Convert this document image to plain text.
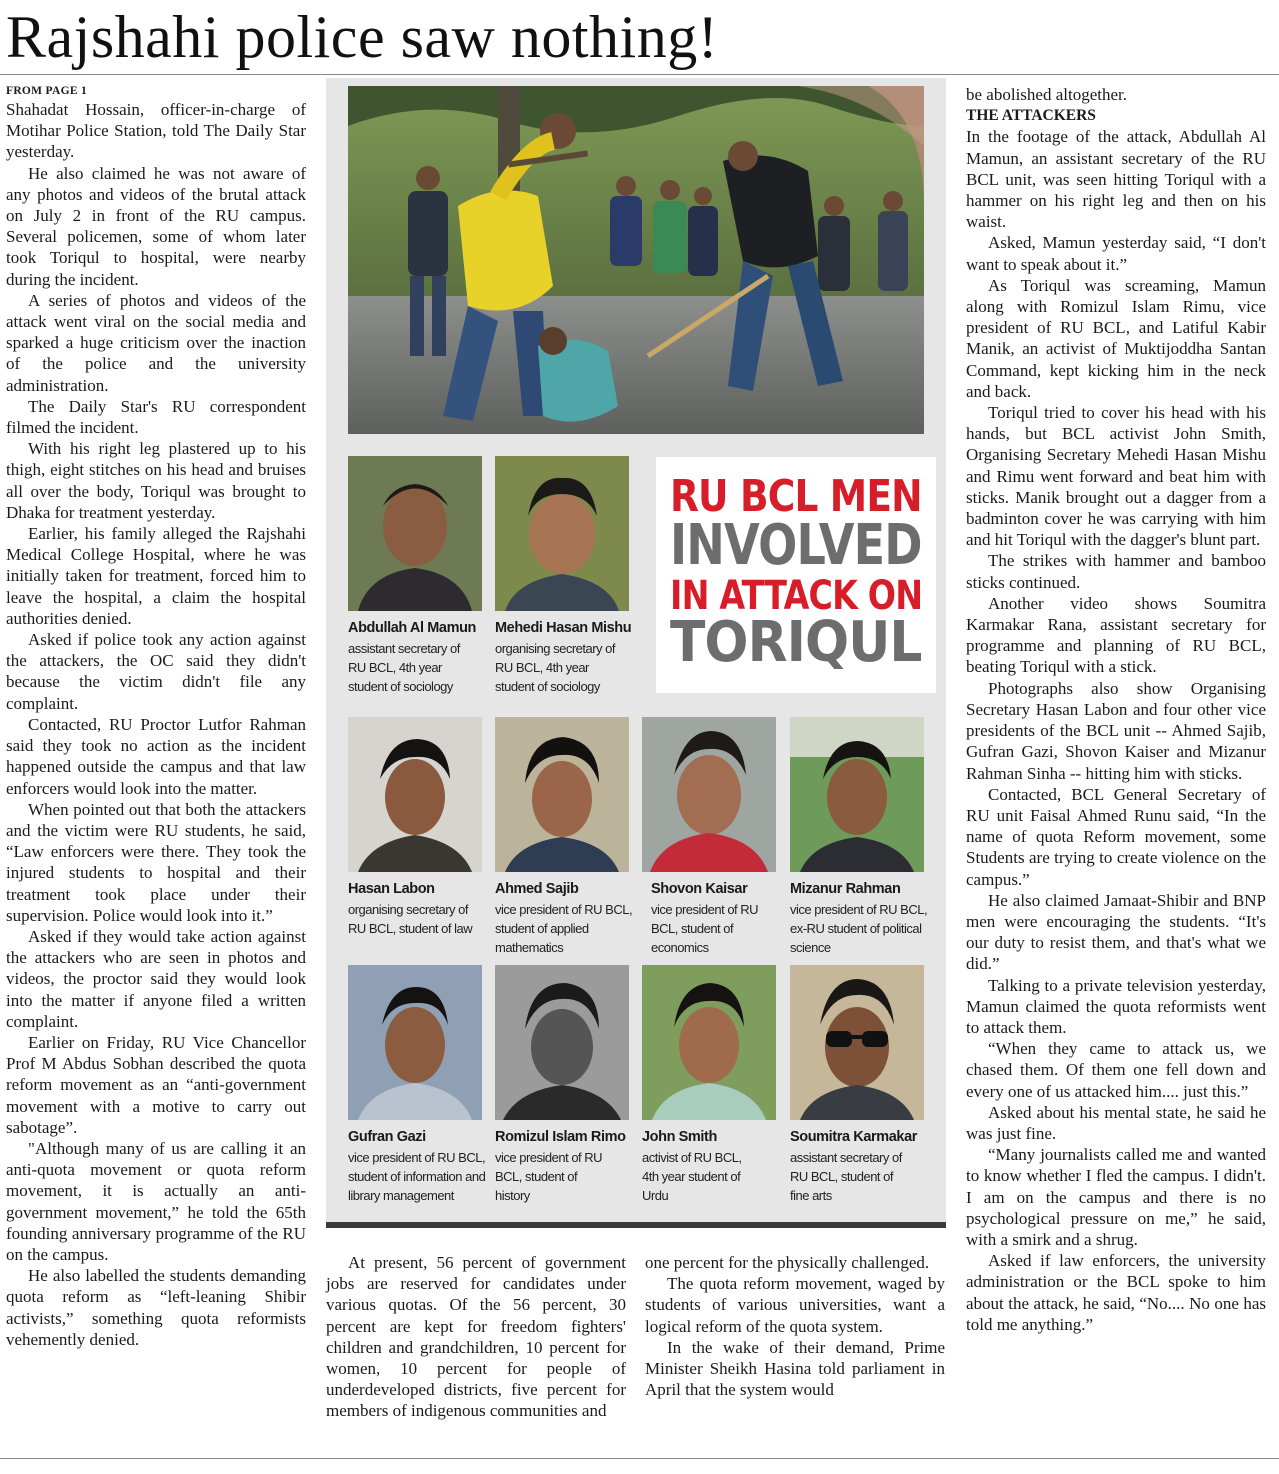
Rajshahi police saw nothing!
FROM PAGE 1

Shahadat Hossain, officer-in-charge of Motihar Police Station, told The Daily Star yesterday.

He also claimed he was not aware of any photos and videos of the brutal attack on July 2 in front of the RU campus. Several policemen, some of whom later took Toriqul to hospital, were nearby during the incident.

A series of photos and videos of the attack went viral on the social media and sparked a huge criticism over the inaction of the police and the university administration.

The Daily Star's RU correspondent filmed the incident.

With his right leg plastered up to his thigh, eight stitches on his head and bruises all over the body, Toriqul was brought to Dhaka for treatment yesterday.

Earlier, his family alleged the Rajshahi Medical College Hospital, where he was initially taken for treatment, forced him to leave the hospital, a claim the hospital authorities denied.

Asked if police took any action against the attackers, the OC said they didn't because the victim didn't file any complaint.

Contacted, RU Proctor Lutfor Rahman said they took no action as the incident happened outside the campus and that law enforcers would look into the matter.

When pointed out that both the attackers and the victim were RU students, he said, “Law enforcers were there. They took the injured students to hospital and their treatment took place under their supervision. Police would look into it.”

Asked if they would take action against the attackers who are seen in photos and videos, the proctor said they would look into the matter if anyone filed a written complaint.

Earlier on Friday, RU Vice Chancellor Prof M Abdus Sobhan described the quota reform movement as an “anti-government movement with a motive to carry out sabotage”.

"Although many of us are calling it an anti-quota movement or quota reform movement, it is actually an anti-government movement,” he told the 65th founding anniversary programme of the RU on the campus.

He also labelled the students demanding quota reform as “left-leaning Shibir activists,” something quota reformists vehemently denied.

RU BCL MEN
INVOLVED
IN ATTACK ON
TORIQUL
Abdullah Al Mamun
assistant secretary of RU BCL, 4th year student of sociology
Mehedi Hasan Mishu
organising secretary of RU BCL, 4th year student of sociology
Hasan Labon
organising secretary of RU BCL, student of law
Ahmed Sajib
vice president of RU BCL, student of applied mathematics
Shovon Kaisar
vice president of RU BCL, student of economics
Mizanur Rahman
vice president of RU BCL, ex-RU student of political science
Gufran Gazi
vice president of RU BCL, student of information and library management
Romizul Islam Rimo
vice president of RU BCL, student of history
John Smith
activist of RU BCL, 4th year student of Urdu
Soumitra Karmakar
assistant secretary of RU BCL, student of fine arts

At present, 56 percent of government jobs are reserved for candidates under various quotas. Of the 56 percent, 30 percent are kept for freedom fighters' children and grandchildren, 10 percent for women, 10 percent for people of underdeveloped districts, five percent for members of indigenous communities and

one percent for the physically challenged.

The quota reform movement, waged by students of various universities, want a logical reform of the quota system.

In the wake of their demand, Prime Minister Sheikh Hasina told parliament in April that the system would

be abolished altogether.

THE ATTACKERS

In the footage of the attack, Abdullah Al Mamun, an assistant secretary of the RU BCL unit, was seen hitting Toriqul with a hammer on his right leg and then on his waist.

Asked, Mamun yesterday said, “I don't want to speak about it.”

As Toriqul was screaming, Mamun along with Romizul Islam Rimu, vice president of RU BCL, and Latiful Kabir Manik, an activist of Muktijoddha Santan Command, kept kicking him in the neck and back.

Toriqul tried to cover his head with his hands, but BCL activist John Smith, Organising Secretary Mehedi Hasan Mishu and Rimu went forward and beat him with sticks. Manik brought out a dagger from a badminton cover he was carrying with him and hit Toriqul with the dagger's blunt part.

The strikes with hammer and bamboo sticks continued.

Another video shows Soumitra Karmakar Rana, assistant secretary for programme and planning of RU BCL, beating Toriqul with a stick.

Photographs also show Organising Secretary Hasan Labon and four other vice presidents of the BCL unit -- Ahmed Sajib, Gufran Gazi, Shovon Kaiser and Mizanur Rahman Sinha -- hitting him with sticks.

Contacted, BCL General Secretary of RU unit Faisal Ahmed Runu said, “In the name of quota Reform movement, some Students are trying to create violence on the campus.”

He also claimed Jamaat-Shibir and BNP men were encouraging the students. “It's our duty to resist them, and that's what we did.”

Talking to a private television yesterday, Mamun claimed the quota reformists went to attack them.

“When they came to attack us, we chased them. Of them one fell down and every one of us attacked him.... just this.”

Asked about his mental state, he said he was just fine.

“Many journalists called me and wanted to know whether I fled the campus. I didn't. I am on the campus and there is no psychological pressure on me,” he said, with a smirk and a shrug.

Asked if law enforcers, the university administration or the BCL spoke to him about the attack, he said, “No.... No one has told me anything.”
